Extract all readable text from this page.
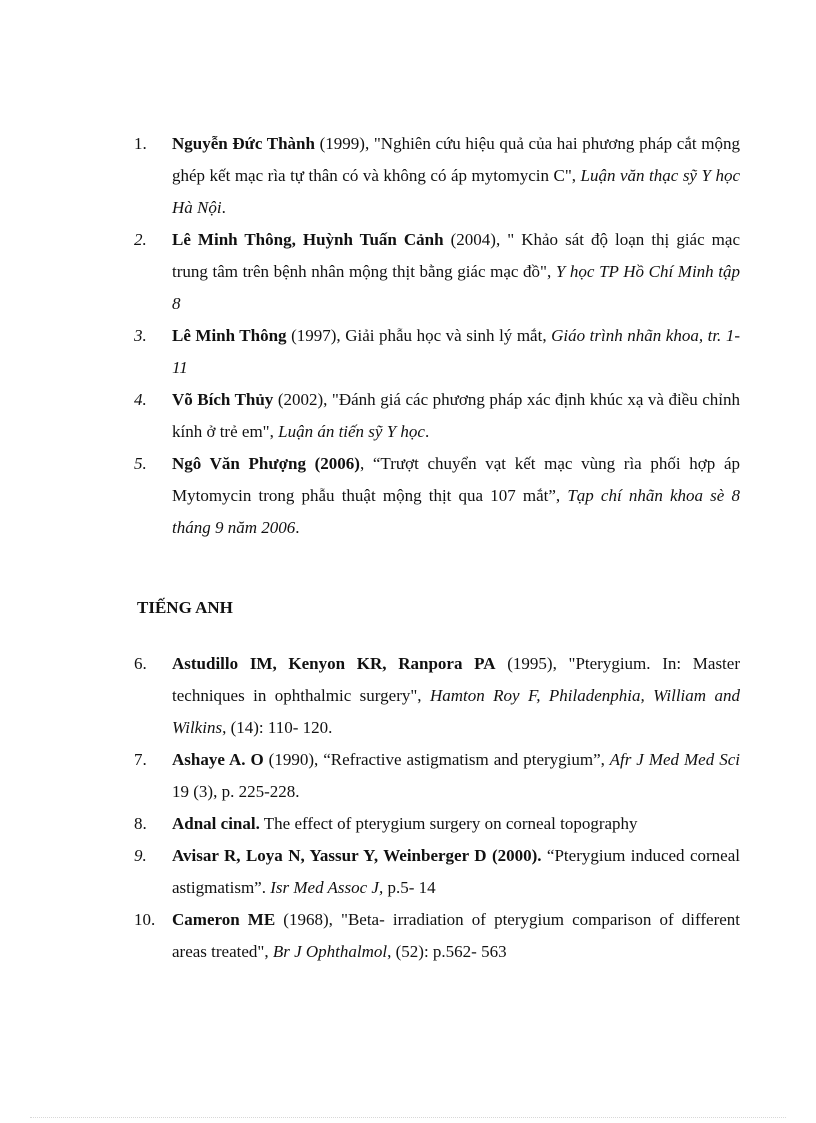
1. Nguyễn Đức Thành (1999), "Nghiên cứu hiệu quả của hai phương pháp cắt mộng ghép kết mạc rìa tự thân có và không có áp mytomycin C", Luận văn thạc sỹ Y học Hà Nội.
2. Lê Minh Thông, Huỳnh Tuấn Cảnh (2004), " Khảo sát độ loạn thị giác mạc trung tâm trên bệnh nhân mộng thịt bằng giác mạc đồ", Y học TP Hồ Chí Minh tập 8
3. Lê Minh Thông (1997), Giải phẫu học và sinh lý mắt, Giáo trình nhãn khoa, tr. 1- 11
4. Võ Bích Thủy (2002), "Đánh giá các phương pháp xác định khúc xạ và điều chỉnh kính ở trẻ em", Luận án tiến sỹ Y học.
5. Ngô Văn Phượng (2006), “Trượt chuyển vạt kết mạc vùng rìa phối hợp áp Mytomycin trong phẫu thuật mộng thịt qua 107 mắt”, Tạp chí nhãn khoa sè 8 tháng 9 năm 2006.
TIẾNG ANH
6. Astudillo IM, Kenyon KR, Ranpora PA (1995), "Pterygium. In: Master techniques in ophthalmic surgery", Hamton Roy F, Philadenphia, William and Wilkins, (14): 110- 120.
7. Ashaye A. O (1990), “Refractive astigmatism and pterygium”, Afr J Med Med Sci 19 (3), p. 225-228.
8. Adnal cinal. The effect of pterygium surgery on corneal topography
9. Avisar R, Loya N, Yassur Y, Weinberger D (2000). “Pterygium induced corneal astigmatism”. Isr Med Assoc J, p.5- 14
10. Cameron ME (1968), "Beta- irradiation of pterygium comparison of different areas treated", Br J Ophthalmol, (52): p.562- 563
